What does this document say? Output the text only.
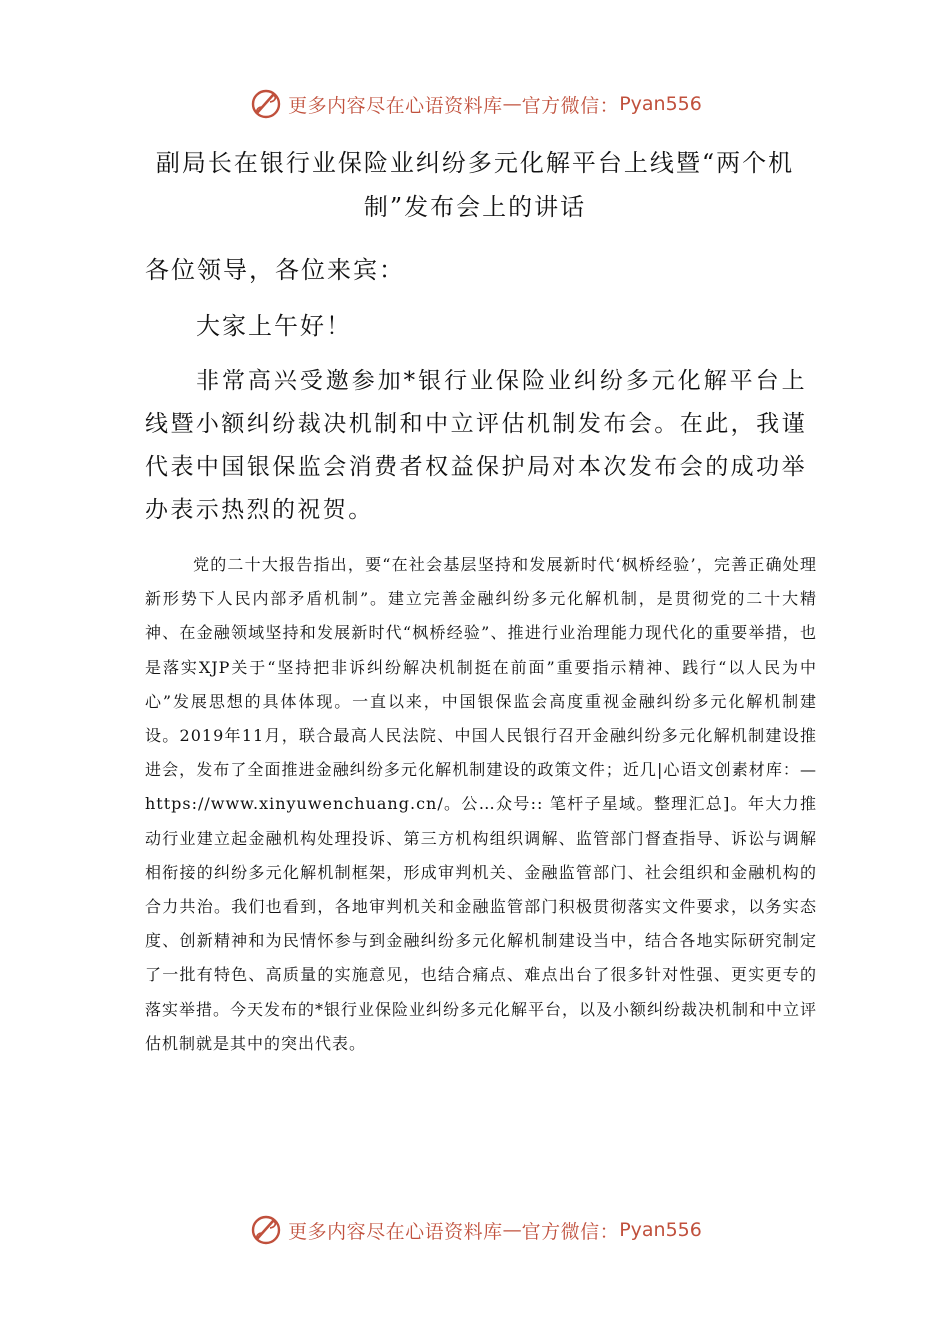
更多内容尽在心语资料库 — 官方微信： Pyan556
副局长在银行业保险业纠纷多元化解平台上线暨“两个机
制”发布会上的讲话
各位领导，各位来宾：
大家上午好！
非常高兴受邀参加*银行业保险业纠纷多元化解平台上线暨小额纠纷裁决机制和中立评估机制发布会。在此，我谨代表中国银保监会消费者权益保护局对本次发布会的成功举办表示热烈的祝贺。
党的二十大报告指出，要“在社会基层坚持和发展新时代‘枫桥经验’，完善正确处理新形势下人民内部矛盾机制”。建立完善金融纠纷多元化解机制，是贯彻党的二十大精神、在金融领域坚持和发展新时代“枫桥经验”、推进行业治理能力现代化的重要举措，也是落实XJP关于“坚持把非诉纠纷解决机制挺在前面”重要指示精神、践行“以人民为中心”发展思想的具体体现。一直以来，中国银保监会高度重视金融纠纷多元化解机制建设。2019年11月，联合最高人民法院、中国人民银行召开金融纠纷多元化解机制建设推进会，发布了全面推进金融纠纷多元化解机制建设的政策文件；近几|心语文创素材库：—https://www.xinyuwenchuang.cn/。公…众号:: 笔杆子星域。整理汇总]。年大力推动行业建立起金融机构处理投诉、第三方机构组织调解、监管部门督查指导、诉讼与调解相衔接的纠纷多元化解机制框架，形成审判机关、金融监管部门、社会组织和金融机构的合力共治。我们也看到，各地审判机关和金融监管部门积极贯彻落实文件要求，以务实态度、创新精神和为民情怀参与到金融纠纷多元化解机制建设当中，结合各地实际研究制定了一批有特色、高质量的实施意见，也结合痛点、难点出台了很多针对性强、更实更专的落实举措。今天发布的*银行业保险业纠纷多元化解平台，以及小额纠纷裁决机制和中立评估机制就是其中的突出代表。
更多内容尽在心语资料库 — 官方微信： Pyan556
